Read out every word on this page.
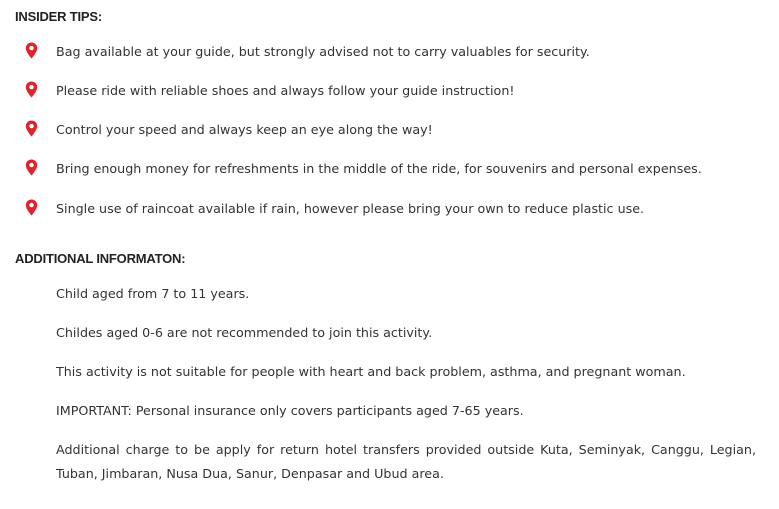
INSIDER TIPS:
Bag available at your guide, but strongly advised not to carry valuables for security.
Please ride with reliable shoes and always follow your guide instruction!
Control your speed and always keep an eye along the way!
Bring enough money for refreshments in the middle of the ride, for souvenirs and personal expenses.
Single use of raincoat available if rain, however please bring your own to reduce plastic use.
ADDITIONAL INFORMATON:

Child aged from 7 to 11 years.

Childes aged 0-6 are not recommended to join this activity.

This activity is not suitable for people with heart and back problem, asthma, and pregnant woman.

IMPORTANT: Personal insurance only covers participants aged 7-65 years.

Additional charge to be apply for return hotel transfers provided outside Kuta, Seminyak, Canggu, Legian, Tuban, Jimbaran, Nusa Dua, Sanur, Denpasar and Ubud area.
